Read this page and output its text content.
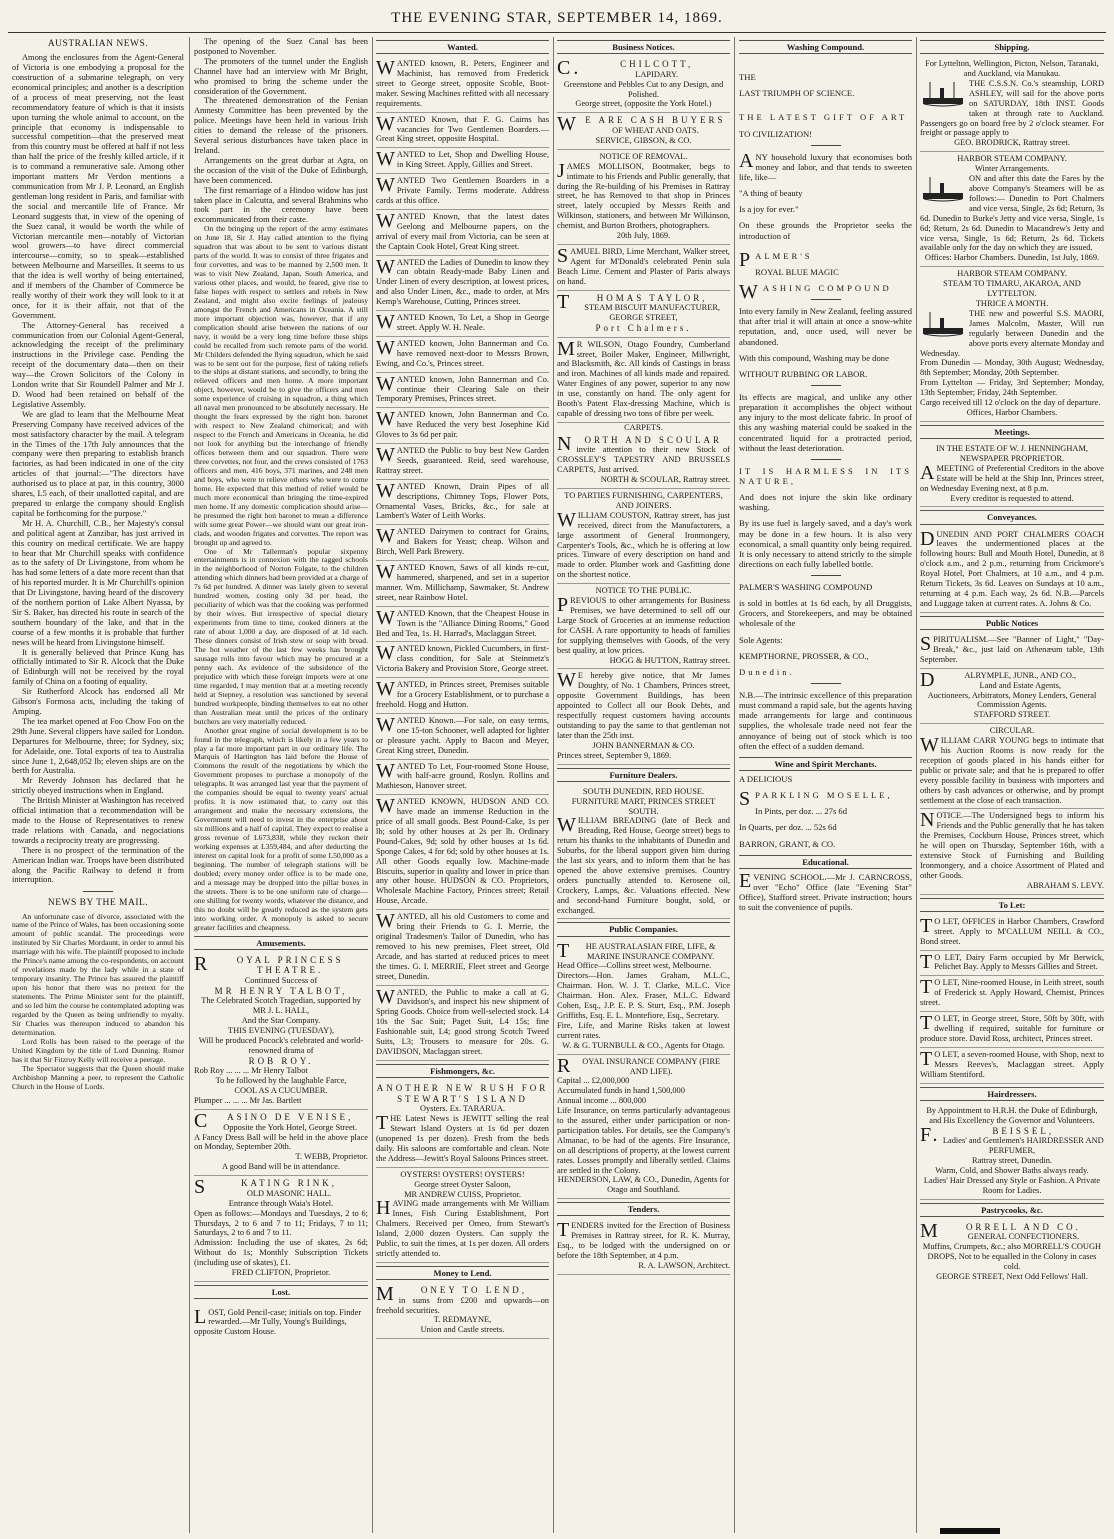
THE EVENING STAR, SEPTEMBER 14, 1869.
AUSTRALIAN NEWS.

Among the enclosures from the Agent-General of Victoria is one embodying a proposal for the construction of a submarine telegraph, on very economical principles; and another is a description of a process of meat preserving, not the least recommendatory feature of which is that it insists upon turning the whole animal to account, on the principle that economy is indispensable to successful competition—that the preserved meat from this country must be offered at half if not less than half the price of the freshly killed article, if it is to command a remunerative sale. Among other important matters Mr Verdon mentions a communication from Mr J. P. Leonard, an English gentleman long resident in Paris, and familiar with the social and mercantile life of France. Mr Leonard suggests that, in view of the opening of the Suez canal, it would be worth the while of Victorian mercantile men—notably of Victorian wool growers—to have direct commercial intercourse—comity, so to speak—established between Melbourne and Marseilles. It seems to us that the idea is well worthy of being entertained, and if members of the Chamber of Commerce be really worthy of their work they will look to it at once, for it is their affair, not that of the Government.

The Attorney-General has received a communication from our Colonial Agent-General, acknowledging the receipt of the preliminary instructions in the Privilege case. Pending the receipt of the documentary data—then on their way—the Crown Solicitors of the Colony in London write that Sir Roundell Palmer and Mr J. D. Wood had been retained on behalf of the Legislative Assembly.

We are glad to learn that the Melbourne Meat Preserving Company have received advices of the most satisfactory character by the mail. A telegram in the Times of the 17th July announces that the company were then preparing to establish branch factories, as had been indicated in one of the city articles of that journal:—"The directors have authorised us to place at par, in this country, 3000 shares, L5 each, of their unallotted capital, and are prepared to enlarge the company should English capital be forthcoming for the purpose."

Mr H. A. Churchill, C.B., her Majesty's consul and political agent at Zanzibar, has just arrived in this country on medical certificate. We are happy to hear that Mr Churchill speaks with confidence as to the safety of Dr Livingstone, from whom he has had some letters of a date more recent than that of his reported murder. It is Mr Churchill's opinion that Dr Livingstone, having heard of the discovery of the northern portion of Lake Albert Nyassa, by Sir S. Baker, has directed his route in search of the southern boundary of the lake, and that in the course of a few months it is probable that further news will be heard from Livingstone himself.

It is generally believed that Prince Kung has officially intimated to Sir R. Alcock that the Duke of Edinburgh will not be received by the royal family of China on a footing of equality.

Sir Rutherford Alcock has endorsed all Mr Gibson's Formosa acts, including the taking of Amping.

The tea market opened at Foo Chow Foo on the 29th June. Several clippers have sailed for London. Departures for Melbourne, three; for Sydney, six; for Adelaide, one. Total exports of tea to Australia since June 1, 2,648,052 lb; eleven ships are on the berth for Australia.

Mr Reverdy Johnson has declared that he strictly obeyed instructions when in England.

The British Minister at Washington has received official intimation that a recommendation will be made to the House of Representatives to renew trade relations with Canada, and negociations towards a reciprocity treaty are progressing.

There is no prospect of the termination of the American Indian war. Troops have been distributed along the Pacific Railway to defend it from interruption.

NEWS BY THE MAIL.

An unfortunate case of divorce, associated with the name of the Prince of Wales, has been occasioning some amount of public scandal. The proceedings were instituted by Sir Charles Mordaunt, in order to annul his marriage with his wife. The plaintiff proposed to include the Prince's name among the co-respondents, on account of revelations made by the lady while in a state of temporary insanity. The Prince has assured the plaintiff upon his honor that there was no pretext for the statements. The Prime Minister sent for the plaintiff, and so led him the course he contemplated adopting was regarded by the Queen as being unfriendly to royalty. Sir Charles was thereupon induced to abandon his determination.

Lord Rolls has been raised to the peerage of the United Kingdom by the title of Lord Dunning. Rumor has it that Sir Fitzroy Kelly will receive a peerage.

The Spectator suggests that the Queen should make Archbishop Manning a peer, to represent the Catholic Church in the House of Lords.

The opening of the Suez Canal has been postponed to November.

The promoters of the tunnel under the English Channel have had an interview with Mr Bright, who promised to bring the scheme under the consideration of the Government.

The threatened demonstration of the Fenian Amnesty Committee has been prevented by the police. Meetings have been held in various Irish cities to demand the release of the prisoners. Several serious disturbances have taken place in Ireland.

Arrangements on the great durbar at Agra, on the occasion of the visit of the Duke of Edinburgh, have been commenced.

The first remarriage of a Hindoo widow has just taken place in Calcutta, and several Brahmins who took part in the ceremony have been excommunicated from their caste.

On the bringing up the report of the army estimates on June 18, Sir J. Hay called attention to the flying squadron that was about to be sent to various distant parts of the world. It was to consist of three frigates and four corvettes, and was to be manned by 2,500 men. It was to visit New Zealand, Japan, South America, and various other places, and would, he feared, give rise to false hopes with respect to settlers and rebels in New Zealand, and might also excite feelings of jealousy amongst the French and Americans in Oceania. A still more important objection was, however, that if any complication should arise between the nations of our navy, it would be a very long time before these ships could be recalled from such remote parts of the world. Mr Childers defended the flying squadron, which he said was to be sent out for the purpose, first of taking reliefs to the ships at distant stations, and secondly, to bring the relieved officers and men home. A more important object, however, would be to give the officers and men some experience of cruising in squadron, a thing which all naval men pronounced to be absolutely necessary. He thought the fears expressed by the right hon. baronet with respect to New Zealand chimerical; and with respect to the French and Americans in Oceania, he did not look for anything but the interchange of friendly offices between them and our squadron. There were three corvettes, not four, and the crews consisted of 1763 officers and men, 416 boys, 371 marines, and 248 men and boys, who were to relieve others who were to come home. He expected that this method of relief would be much more economical than bringing the time-expired men home. If any domestic complication should arise—he presumed the right hon baronet to mean a difference with some great Power—we should want our great iron-clads, and wooden frigates and corvettes. The report was brought up and agreed to.

One of Mr Tallerman's popular sixpenny entertainments is in connexion with the ragged schools in the neighborhood of Norton Folgate, to the children attending which dinners had been provided at a charge of 7s 6d per hundred. A dinner was lately given to several hundred women, costing only 3d per head, the peculiarity of which was that the cooking was performed by their wives. But irrespective of special dietary experiments from time to time, cooked dinners at the rate of about 1,000 a day, are disposed of at 1d each. These dinners consist of Irish stew or soup with bread. The hot weather of the last few weeks has brought sausage rolls into favour which may be procured at a penny each. As evidence of the subsidence of the prejudice with which these foreign imports were at one time regarded, I may mention that at a meeting recently held at Stepney, a resolution was sanctioned by several hundred workpeople, binding themselves to eat no other than Australian meat until the prices of the ordinary butchers are very materially reduced.

Another great engine of social development is to be found in the telegraph, which is likely in a few years to play a far more important part in our ordinary life. The Marquis of Hartington has laid before the House of Commons the result of the negotiations by which the Government proposes to purchase a monopoly of the telegraphs. It was arranged last year that the payment of the companies should be equal to twenty years' actual profits. It is now estimated that, to carry out this arrangement and make the necessary extensions, the Government will need to invest in the enterprise about six millions and a half of capital. They expect to realise a gross revenue of L673,838, while they reckon their working expenses at L359,484, and after deducting the interest on capital look for a profit of some L50,000 as a beginning. The number of telegraph stations will be doubled; every money order office is to be made one, and a message may be dropped into the pillar boxes in the streets. There is to be one uniform rate of charge—one shilling for twenty words, whatever the distance, and this no doubt will be greatly reduced as the system gets into working order. A monopoly is asked to secure greater facilities and cheapness.

Amusements.
ROYAL PRINCESS THEATRE.
Continued Success of
MR HENRY TALBOT,
The Celebrated Scotch Tragedian, supported by MR J. L. HALL,
And the Star Company.
THIS EVENING (TUESDAY),
Will be produced Pocock's celebrated and world-renowned drama of
ROB ROY.
Rob Roy ... ... ... Mr Henry Talbot
To be followed by the laughable Farce,
COOL AS A CUCUMBER.
Plumper ... ... ... Mr Jas. Bartlett
CASINO DE VENISE,
Opposite the York Hotel, George Street.

A Fancy Dress Ball will be held in the above place on Monday, September 20th.

T. WEBB, Proprietor.
A good Band will be in attendance.
SKATING RINK,
OLD MASONIC HALL.
Entrance through Waia's Hotel.

Open as follows:—Mondays and Tuesdays, 2 to 6; Thursdays, 2 to 6 and 7 to 11; Fridays, 7 to 11; Saturdays, 2 to 6 and 7 to 11.

Admission: Including the use of skates, 2s 6d; Without do 1s; Monthly Subscription Tickets (including use of skates), £1.

FRED CLIFTON, Proprietor.
Lost.

LOST, Gold Pencil-case; initials on top. Finder rewarded.—Mr Tully, Young's Buildings, opposite Custom House.

Wanted.

WANTED known, R. Peters, Engineer and Machinist, has removed from Frederick street to George street, opposite Scoble, Boot-maker. Sewing Machines refitted with all necessary requirements.

WANTED Known, that F. G. Cairns has vacancies for Two Gentlemen Boarders.—Great King street, opposite Hospital.

WANTED to Let, Shop and Dwelling House, in King Street. Apply, Gillies and Street.

WANTED Two Gentlemen Boarders in a Private Family. Terms moderate. Address cards at this office.

WANTED Known, that the latest dates Geelong and Melbourne papers, on the arrival of every mail from Victoria, can be seen at the Captain Cook Hotel, Great King street.

WANTED the Ladies of Dunedin to know they can obtain Ready-made Baby Linen and Under Linen of every description, at lowest prices, and also Under Linen, &c., made to order, at Mrs Kemp's Warehouse, Cutting, Princes street.

WANTED Known, To Let, a Shop in George street. Apply W. H. Neale.

WANTED known, John Bannerman and Co. have removed next-door to Messrs Brown, Ewing, and Co.'s, Princes street.

WANTED known, John Bannerman and Co. continue their Clearing Sale on their Temporary Premises, Princes street.

WANTED known, John Bannerman and Co. have Reduced the very best Josephine Kid Gloves to 3s 6d per pair.

WANTED the Public to buy best New Garden Seeds, guaranteed. Reid, seed warehouse, Rattray street.

WANTED Known, Drain Pipes of all descriptions, Chimney Tops, Flower Pots, Ornamental Vases, Bricks, &c., for sale at Lambert's Water of Leith Works.

WANTED Dairymen to contract for Grains, and Bakers for Yeast; cheap. Wilson and Birch, Well Park Brewery.

WANTED Known, Saws of all kinds re-cut, hammered, sharpened, and set in a superior manner. Wm. Millichamp, Sawmaker, St. Andrew street, near Rainbow Hotel.

WANTED Known, that the Cheapest House in Town is the "Alliance Dining Rooms," Good Bed and Tea, 1s. H. Harrad's, Maclaggan Street.

WANTED known, Pickled Cucumbers, in first-class condition, for Sale at Steinmetz's Victoria Bakery and Provision Store, George street.

WANTED, in Princes street, Premises suitable for a Grocery Establishment, or to purchase a freehold. Hogg and Hutton.

WANTED Known.—For sale, on easy terms, one 15-ton Schooner, well adapted for lighter or pleasure yacht. Apply to Bacon and Meyer, Great King street, Dunedin.

WANTED To Let, Four-roomed Stone House, with half-acre ground, Roslyn. Rollins and Mathieson, Hanover street.

WANTED KNOWN, HUDSON AND CO. have made an immense Reduction in the price of all small goods. Best Pound-Cake, 1s per lb; sold by other houses at 2s per lb. Ordinary Pound-Cakes, 9d; sold by other houses at 1s 6d. Sponge Cakes, 4 for 6d; sold by other houses at 1s. All other Goods equally low. Machine-made Biscuits, superior in quality and lower in price than any other house. HUDSON & CO. Proprietors, Wholesale Machine Factory, Princes street; Retail House, Arcade.

WANTED, all his old Customers to come and bring their Friends to G. I. Merrie, the original Tradesmen's Tailor of Dunedin, who has removed to his new premises, Fleet street, Old Arcade, and has started at reduced prices to meet the times. G. I. MERRIE, Fleet street and George street, Dunedin.

WANTED, the Public to make a call at G. Davidson's, and inspect his new shipment of Spring Goods. Choice from well-selected stock. L4 10s the Sac Suit; Paget Suit, L4 15s; fine Fashionable suit, L4; good strong Scotch Tweed Suits, L3; Trousers to measure for 20s. G. DAVIDSON, Maclaggan street.

Fishmongers, &c.
ANOTHER NEW RUSH FOR STEWART'S ISLAND
Oysters. Ex. TARARUA.

THE Latest News is JEWITT selling the real Stewart Island Oysters at 1s 6d per dozen (unopened 1s per dozen). Fresh from the beds daily. His saloons are comfortable and clean. Note the Address—Jewitt's Royal Saloons Princes street.

OYSTERS! OYSTERS! OYSTERS!
George street Oyster Saloon,
MR ANDREW CUISS, Proprietor.

HAVING made arrangements with Mr William Innes, Fish Curing Establishment, Port Chalmers. Received per Omeo, from Stewart's Island, 2,000 dozen Oysters. Can supply the Public, to suit the times, at 1s per dozen. All orders strictly attended to.

Money to Lend.
MONEY TO LEND,

in sums from £200 and upwards—on freehold securities.

T. REDMAYNE,
Union and Castle streets.
Business Notices.
C.CHILCOTT,
LAPIDARY.
Greenstone and Pebbles Cut to any Design, and Polished.
George street, (opposite the York Hotel.)
WE ARE CASH BUYERS
OF WHEAT AND OATS.
SERVICE, GIBSON, & CO.
NOTICE OF REMOVAL.

JAMES MOLLISON, Bootmaker, begs to intimate to his Friends and Public generally, that during the Re-building of his Premises in Rattray street, he has Removed to that shop in Princes street, lately occupied by Messrs Reith and Wilkinson, stationers, and between Mr Wilkinson, chemist, and Burton Brothers, photographers.

20th July, 1869.

SAMUEL BIRD, Lime Merchant, Walker street, Agent for M'Donald's celebrated Penin sula Beach Lime. Cement and Plaster of Paris always on hand.

THOMAS TAYLOR,
STEAM BISCUIT MANUFACTURER,
GEORGE STREET,
Port Chalmers.

MR WILSON, Otago Foundry, Cumberland street, Boiler Maker, Engineer, Millwright, and Blacksmith, &c. All kinds of Castings in brass and iron. Machines of all kinds made and repaired. Water Engines of any power, superior to any now in use, constantly on hand. The only agent for Booth's Patent Flax-dressing Machine, which is capable of dressing two tons of fibre per week.

CARPETS.
NORTH AND SCOULAR

invite attention to their new Stock of CROSSLEY'S TAPESTRY AND BRUSSELS CARPETS, Just arrived.

NORTH & SCOULAR, Rattray street.
TO PARTIES FURNISHING, CARPENTERS, AND JOINERS.

WILLIAM COUSTON, Rattray street, has just received, direct from the Manufacturers, a large assortment of General Ironmongery, Carpenter's Tools, &c., which he is offering at low prices. Tinware of every description on hand and made to order. Plumber work and Gasfitting done on the shortest notice.

NOTICE TO THE PUBLIC.

PREVIOUS to other arrangements for Business Premises, we have determined to sell off our Large Stock of Groceries at an immense reduction for CASH. A rare opportunity to heads of families for supplying themselves with Goods, of the very best quality, at low prices.

HOGG & HUTTON, Rattray street.

WE hereby give notice, that Mr James Doughty, of No. 1 Chambers, Princes street, opposite Government Buildings, has been appointed to Collect all our Book Debts, and respectfully request customers having accounts outstanding to pay the same to that gentleman not later than the 25th inst.

JOHN BANNERMAN & CO.
Princes street, September 9, 1869.
Furniture Dealers.
SOUTH DUNEDIN, RED HOUSE.
FURNITURE MART, PRINCES STREET SOUTH.

WILLIAM BREADING (late of Beck and Breading, Red House, George street) begs to return his thanks to the inhabitants of Dunedin and Suburbs, for the liberal support given him during the last six years, and to inform them that he has opened the above extensive premises. Country orders punctually attended to. Kerosene oil, Crockery, Lamps, &c. Valuations effected. New and second-hand Furniture bought, sold, or exchanged.

Public Companies.
THE AUSTRALASIAN FIRE, LIFE, & MARINE INSURANCE COMPANY.

Head Office—Collins street west, Melbourne.

Directors—Hon. James Graham, M.L.C., Chairman. Hon. W. J. T. Clarke, M.L.C. Vice Chairman. Hon. Alex. Fraser, M.L.C. Edward Cohen, Esq., J.P. E. P. S. Sturt, Esq., P.M. Joseph Griffiths, Esq. E. L. Montefiore, Esq., Secretary.

Fire, Life, and Marine Risks taken at lowest current rates.

W. & G. TURNBULL & CO., Agents for Otago.
ROYAL INSURANCE COMPANY (FIRE AND LIFE).
Capital ... £2,000,000
Accumulated funds in hand 1,500,000
Annual income ... 800,000

Life Insurance, on terms particularly advantageous to the assured, either under participation or non-participation tables. For details, see the Company's Almanac, to be had of the agents. Fire Insurance, on all descriptions of property, at the lowest current rates. Losses promptly and liberally settled. Claims are settled in the Colony.

HENDERSON, LAW, & CO., Dunedin, Agents for Otago and Southland.
Tenders.

TENDERS invited for the Erection of Business Premises in Rattray street, for R. K. Murray, Esq., to be lodged with the undersigned on or before the 18th September, at 4 p.m.

R. A. LAWSON, Architect.
Washing Compound.

THE

LAST TRIUMPH OF SCIENCE.

THE LATEST GIFT OF ART

TO CIVILIZATION!

ANY household luxury that economises both money and labor, and that tends to sweeten life, like—

"A thing of beauty

Is a joy for ever."

On these grounds the Proprietor seeks the introduction of

PALMER'S

ROYAL BLUE MAGIC

WASHING COMPOUND

Into every family in New Zealand, feeling assured that after trial it will attain at once a snow-white reputation, and, once used, will never be abandoned.

With this compound, Washing may be done

WITHOUT RUBBING OR LABOR.

Its effects are magical, and unlike any other preparation it accomplishes the object without any injury to the most delicate fabric. In proof of this any washing material could be soaked in the concentrated liquid for a protracted period, without the least deterioration.

IT IS HARMLESS IN ITS NATURE,

And does not injure the skin like ordinary washing.

By its use fuel is largely saved, and a day's work may be done in a few hours. It is also very economical, a small quantity only being required. It is only necessary to attend strictly to the simple directions on each fully labelled bottle.

PALMER'S WASHING COMPOUND

is sold in bottles at 1s 6d each, by all Druggists, Grocers, and Storekeepers, and may be obtained wholesale of the

Sole Agents:

KEMPTHORNE, PROSSER, & CO.,

Dunedin.

N.B.—The intrinsic excellence of this preparation must command a rapid sale, but the agents having made arrangements for large and continuous supplies, the wholesale trade need not fear the annoyance of being out of stock which is too often the effect of a sudden demand.

Wine and Spirit Merchants.

A DELICIOUS

SPARKLING MOSELLE,

In Pints, per doz. ... 27s 6d

In Quarts, per doz. ... 52s 6d

BARRON, GRANT, & CO.

Educational.

EVENING SCHOOL.—Mr J. CARNCROSS, over "Echo" Office (late "Evening Star" Office), Stafford street. Private instruction; hours to suit the convenience of pupils.

Shipping.
For Lyttelton, Wellington, Picton, Nelson, Taranaki, and Auckland, via Manukau.

THE C.S.S.N. Co.'s steamship, LORD ASHLEY, will sail for the above ports on SATURDAY, 18th INST. Goods taken at through rate to Auckland. Passengers go on board free by 2 o'clock steamer. For freight or passage apply to

GEO. BRODRICK, Rattray street.
HARBOR STEAM COMPANY.
Winter Arrangements.

ON and after this date the Fares by the above Company's Steamers will be as follows:— Dunedin to Port Chalmers and vice versa, Single, 2s 6d; Return, 3s 6d. Dunedin to Burke's Jetty and vice versa, Single, 1s 6d; Return, 2s 6d. Dunedin to Macandrew's Jetty and vice versa, Single, 1s 6d; Return, 2s 6d. Tickets available only for the day on which they are issued.

Offices: Harbor Chambers. Dunedin, 1st July, 1869.
HARBOR STEAM COMPANY.
STEAM TO TIMARU, AKAROA, AND LYTTELTON.
THRICE A MONTH.

THE new and powerful S.S. MAORI, James Malcolm, Master, Will run regularly between Dunedin and the above ports every alternate Monday and Wednesday.

From Dunedin — Monday, 30th August; Wednesday, 8th September; Monday, 20th September.

From Lyttelton — Friday, 3rd September; Monday, 13th September; Friday, 24th September.

Cargo received till 12 o'clock on the day of departure.

Offices, Harbor Chambers.
Meetings.
IN THE ESTATE OF W. J. HENNINGHAM, NEWSPAPER PROPRIETOR.

AMEETING of Preferential Creditors in the above Estate will be held at the Ship Inn, Princes street, on Wednesday Evening next, at 8 p.m.

Every creditor is requested to attend.
Conveyances.

DUNEDIN AND PORT CHALMERS COACH leaves the undermentioned places at the following hours: Bull and Mouth Hotel, Dunedin, at 8 o'clock a.m., and 2 p.m., returning from Crickmore's Royal Hotel, Port Chalmers, at 10 a.m., and 4 p.m. Return Tickets, 3s 6d. Leaves on Sundays at 10 a.m., returning at 4 p.m. Each way, 2s 6d. N.B.—Parcels and Luggage taken at current rates. A. Johns & Co.

Public Notices

SPIRITUALISM.—See "Banner of Light," "Day-Break," &c., just laid on Athenæum table, 13th September.

DALRYMPLE, JUNR., AND CO.,
Land and Estate Agents,
Auctioneers, Arbitrators, Money Lenders, General Commission Agents.
STAFFORD STREET.
CIRCULAR.

WILLIAM CARR YOUNG begs to intimate that his Auction Rooms is now ready for the reception of goods placed in his hands either for public or private sale; and that he is prepared to offer every possible facility in business with importers and others by cash advances or otherwise, and by prompt settlement at the close of each transaction.

NOTICE.—The Undersigned begs to inform his Friends and the Public generally that he has taken the Premises, Cockburn House, Princes street, which he will open on Thursday, September 16th, with a extensive Stock of Furnishing and Building Ironmongery, and a choice Assortment of Plated and other Goods.

ABRAHAM S. LEVY.
To Let:

TO LET, OFFICES in Harbor Chambers, Crawford street. Apply to M'CALLUM NEILL & CO., Bond street.

TO LET, Dairy Farm occupied by Mr Berwick, Pelichet Bay. Apply to Messrs Gillies and Street.

TO LET, Nine-roomed House, in Leith street, south of Frederick st. Apply Howard, Chemist, Princes street.

TO LET, in George street, Store, 50ft by 30ft, with dwelling if required, suitable for furniture or produce store. David Ross, architect, Princes street.

TO LET, a seven-roomed House, with Shop, next to Messrs Reeves's, Maclaggan street. Apply William Stentiford.

Hairdressers.
By Appointment to H.R.H. the Duke of Edinburgh, and His Excellency the Governor and Volunteers.
F.BEISSEL,
Ladies' and Gentlemen's HAIRDRESSER AND PERFUMER,
Rattray street, Dunedin.
Warm, Cold, and Shower Baths always ready.
Ladies' Hair Dressed any Style or Fashion. A Private Room for Ladies.
Pastrycooks, &c.
MORRELL AND CO.
GENERAL CONFECTIONERS.
Muffins, Crumpets, &c.; also MORRELL'S COUGH DROPS, Not to be equalled in the Colony in cases cold.
GEORGE STREET, Next Odd Fellows' Hall.
